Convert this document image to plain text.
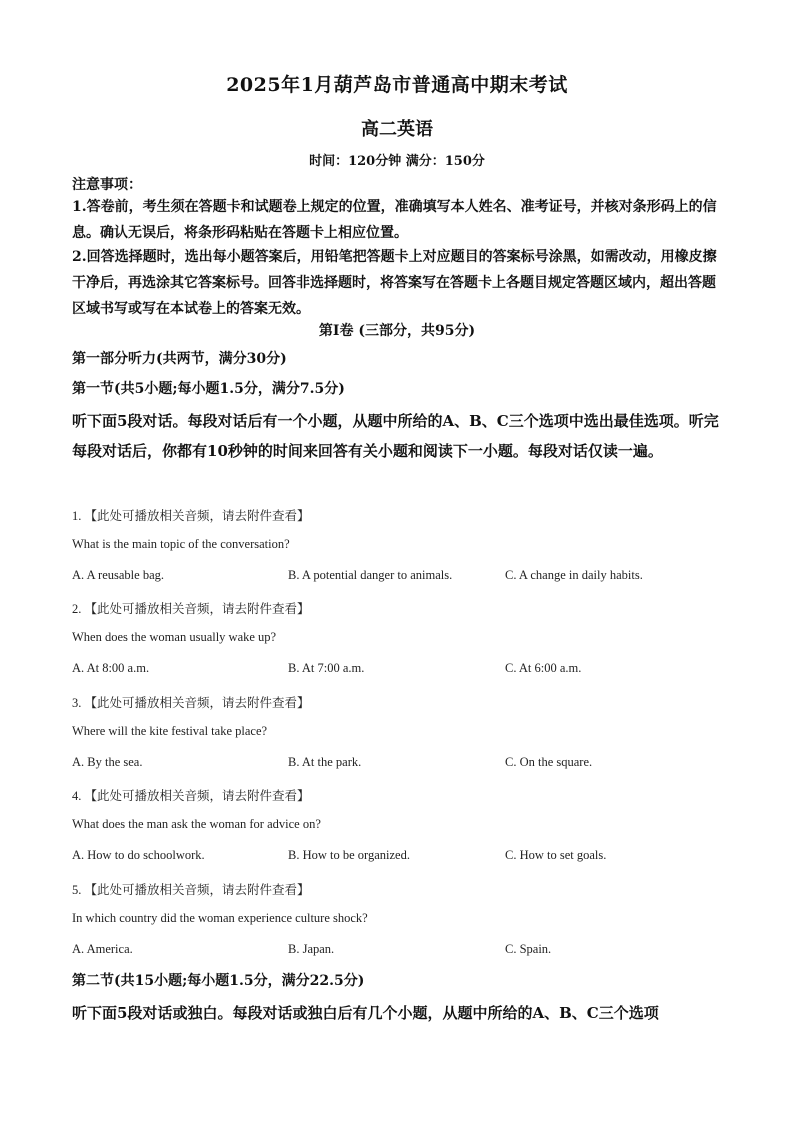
2025年1月葫芦岛市普通高中期末考试
高二英语
时间：120分钟 满分：150分

注意事项：

1.答卷前，考生须在答题卡和试题卷上规定的位置，准确填写本人姓名、准考证号，并核对条形码上的信息。确认无误后，将条形码粘贴在答题卡上相应位置。

2.回答选择题时，选出每小题答案后，用铅笔把答题卡上对应题目的答案标号涂黑，如需改动，用橡皮擦干净后，再选涂其它答案标号。回答非选择题时，将答案写在答题卡上各题目规定答题区域内，超出答题区域书写或写在本试卷上的答案无效。

第Ⅰ卷 (三部分，共95分)

第一部分听力(共两节，满分30分)

第一节(共5小题;每小题1.5分，满分7.5分)

听下面5段对话。每段对话后有一个小题，从题中所给的A、B、C三个选项中选出最佳选项。听完每段对话后，你都有10秒钟的时间来回答有关小题和阅读下一小题。每段对话仅读一遍。

1. 【此处可播放相关音频，请去附件查看】
What is the main topic of the conversation?
A. A reusable bag.	B. A potential danger to animals.	C. A change in daily habits.
2. 【此处可播放相关音频，请去附件查看】
When does the woman usually wake up?
A. At 8:00 a.m.	B. At 7:00 a.m.	C. At 6:00 a.m.
3. 【此处可播放相关音频，请去附件查看】
Where will the kite festival take place?
A. By the sea.	B. At the park.	C. On the square.
4. 【此处可播放相关音频，请去附件查看】
What does the man ask the woman for advice on?
A. How to do schoolwork.	B. How to be organized.	C. How to set goals.
5. 【此处可播放相关音频，请去附件查看】
In which country did the woman experience culture shock?
A. America.	B. Japan.	C. Spain.

第二节(共15小题;每小题1.5分，满分22.5分)

听下面5段对话或独白。每段对话或独白后有几个小题，从题中所给的A、B、C三个选项
